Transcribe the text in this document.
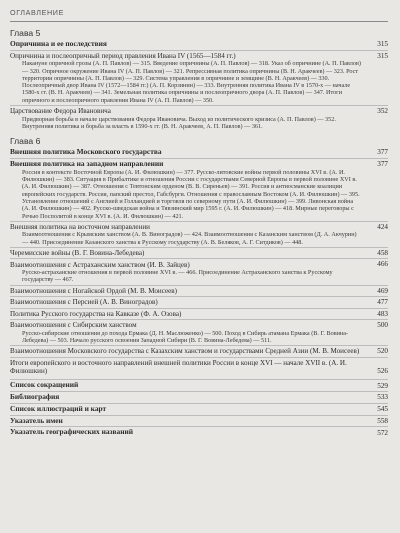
ОГЛАВЛЕНИЕ
Глава 5
Опричнина и ее последствия	315
Опричнина и послеопричный период правления Ивана IV (1565—1584 гг.)	315
Накануне опричной грозы (А. П. Павлов) — 315. Введение опричнины (А. П. Павлов) — 318. Указ об опричнине (А. П. Павлов) — 320. Опричное окружение Ивана IV (А. П. Павлов) — 321. Репрессивная политика опричнины (В. Н. Аракчеев) — 323. Рост территории опричнины (А. П. Павлов) — 329. Система управления в опричнине и земщине (В. Н. Аракчеев) — 330. Послеопричный двор Ивана IV (1572—1584 гг.) (А. П. Корзинин) — 333. Внутренняя политика Ивана IV в 1570-х — начале 1580-х гг. (В. Н. Аракчеев) — 341. Земельная политика опричнины и послеопричного двора (А. П. Павлов) — 347. Итоги опричного и послеопричного правления Ивана IV (А. П. Павлов) — 350.
Царствование Федора Ивановича	352
Придворная борьба в начале царствования Федора Ивановича. Выход из политического кризиса (А. П. Павлов) — 352. Внутренняя политика и борьба за власть в 1590-х гг. (В. Н. Аракчеев, А. П. Павлов) — 361.
Глава 6
Внешняя политика Московского государства	377
Внешняя политика на западном направлении	377
Россия в контексте Восточной Европы (А. И. Филюшкин) — 377. Русско-литовские войны первой половины XVI в. (А. И. Филюшкин) — 383. Ситуация в Прибалтике и отношения России с государствами Северной Европы в первой половине XVI в. (А. И. Филюшкин) — 387. Отношения с Тевтонским орденом (В. В. Сиреньев) — 391. Россия и антиосманские коалиции европейских государств. Россия, папский престол, Габсбурги. Отношения с православным Востоком (А. И. Филюшкин) — 395. Установление отношений с Англией и Голландией и торговля по северному пути (А. И. Филюшкин) — 399. Ливонская война (А. И. Филюшкин) — 402. Русско-шведская война и Тявзинский мир 1595 г. (А. И. Филюшкин) — 418. Мирные переговоры с Речью Посполитой в конце XVI в. (А. И. Филюшкин) — 421.
Внешняя политика на восточном направлении	424
Взаимоотношения с Крымским ханством (А. В. Виноградов) — 424. Взаимоотношения с Казанским ханством (Д. А. Акчурин) — 440. Присоединение Казанского ханства к Русскому государству (А. В. Беляков, А. Г. Ситдиков) — 448.
Черемисские войны (В. Г. Вовина-Лебедева)	458
Взаимоотношения с Астраханским ханством (И. В. Зайцев)	466
Русско-астраханские отношения в первой половине XVI в. — 466. Присоединение Астраханского ханства к Русскому государству — 467.
Взаимоотношения с Ногайской Ордой (М. В. Моисеев)	469
Взаимоотношения с Персией (А. В. Виноградов)	477
Политика Русского государства на Кавказе (Ф. А. Озова)	483
Взаимоотношения с Сибирским ханством	500
Русско-сибирские отношения до похода Ермака (Д. Н. Маслюженко) — 500. Поход в Сибирь атамана Ермака (В. Г. Вовина-Лебедева) — 503. Начало русского освоения Западной Сибири (В. Г. Вовина-Лебедева) — 511.
Взаимоотношения Московского государства с Казахским ханством и государствами Средней Азии (М. В. Моисеев)	520
Итоги европейского и восточного направлений внешней политики России в конце XVI — начале XVII в. (А. И. Филюшкин)	526
Список сокращений	529
Библиография	533
Список иллюстраций и карт	545
Указатель имен	558
Указатель географических названий	572
